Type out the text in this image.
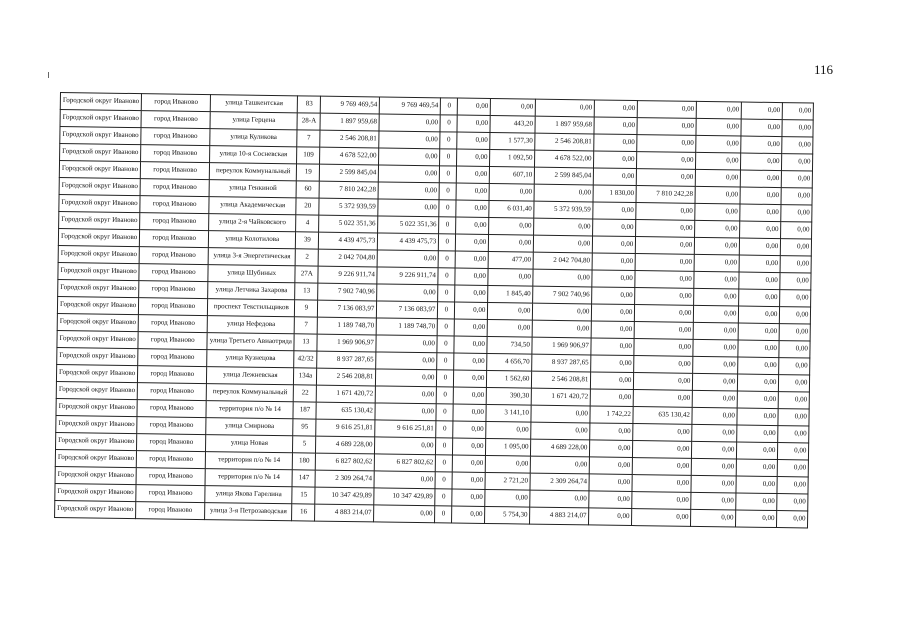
116
Городской округ Иваново	город Иваново	улица Ташкентская	83	9 769 469,54	9 769 469,54	0	0,00	0,00	0,00	0,00	0,00	0,00	0,00	0,00
Городской округ Иваново	город Иваново	улица Герцена	28-А	1 897 959,68	0,00	0	0,00	443,20	1 897 959,68	0,00	0,00	0,00	0,00	0,00
Городской округ Иваново	город Иваново	улица Куликова	7	2 546 208,81	0,00	0	0,00	1 577,30	2 546 208,81	0,00	0,00	0,00	0,00	0,00
Городской округ Иваново	город Иваново	улица 10-я Сосневская	109	4 678 522,00	0,00	0	0,00	1 092,50	4 678 522,00	0,00	0,00	0,00	0,00	0,00
Городской округ Иваново	город Иваново	переулок Коммунальный	19	2 599 845,04	0,00	0	0,00	607,10	2 599 845,04	0,00	0,00	0,00	0,00	0,00
Городской округ Иваново	город Иваново	улица Генкиной	60	7 810 242,28	0,00	0	0,00	0,00	0,00	1 830,00	7 810 242,28	0,00	0,00	0,00
Городской округ Иваново	город Иваново	улица Академическая	20	5 372 939,59	0,00	0	0,00	6 031,40	5 372 939,59	0,00	0,00	0,00	0,00	0,00
Городской округ Иваново	город Иваново	улица 2-я Чайковского	4	5 022 351,36	5 022 351,36	0	0,00	0,00	0,00	0,00	0,00	0,00	0,00	0,00
Городской округ Иваново	город Иваново	улица Колотилова	39	4 439 475,73	4 439 475,73	0	0,00	0,00	0,00	0,00	0,00	0,00	0,00	0,00
Городской округ Иваново	город Иваново	улица 3-я Энергетическая	2	2 042 704,80	0,00	0	0,00	477,00	2 042 704,80	0,00	0,00	0,00	0,00	0,00
Городской округ Иваново	город Иваново	улица Шубиных	27А	9 226 911,74	9 226 911,74	0	0,00	0,00	0,00	0,00	0,00	0,00	0,00	0,00
Городской округ Иваново	город Иваново	улица Летчика Захарова	13	7 902 740,96	0,00	0	0,00	1 845,40	7 902 740,96	0,00	0,00	0,00	0,00	0,00
Городской округ Иваново	город Иваново	проспект Текстильщиков	9	7 136 083,97	7 136 083,97	0	0,00	0,00	0,00	0,00	0,00	0,00	0,00	0,00
Городской округ Иваново	город Иваново	улица Нефедова	7	1 189 748,70	1 189 748,70	0	0,00	0,00	0,00	0,00	0,00	0,00	0,00	0,00
Городской округ Иваново	город Иваново	улица Третьего Авиаотряда	13	1 969 906,97	0,00	0	0,00	734,50	1 969 906,97	0,00	0,00	0,00	0,00	0,00
Городской округ Иваново	город Иваново	улица Кузнецова	42/32	8 937 287,65	0,00	0	0,00	4 656,70	8 937 287,65	0,00	0,00	0,00	0,00	0,00
Городской округ Иваново	город Иваново	улица Лежневская	134а	2 546 208,81	0,00	0	0,00	1 562,60	2 546 208,81	0,00	0,00	0,00	0,00	0,00
Городской округ Иваново	город Иваново	переулок Коммунальный	22	1 671 420,72	0,00	0	0,00	390,30	1 671 420,72	0,00	0,00	0,00	0,00	0,00
Городской округ Иваново	город Иваново	территория п/о № 14	187	635 130,42	0,00	0	0,00	3 141,10	0,00	1 742,22	635 130,42	0,00	0,00	0,00
Городской округ Иваново	город Иваново	улица Смирнова	95	9 616 251,81	9 616 251,81	0	0,00	0,00	0,00	0,00	0,00	0,00	0,00	0,00
Городской округ Иваново	город Иваново	улица Новая	5	4 689 228,00	0,00	0	0,00	1 095,00	4 689 228,00	0,00	0,00	0,00	0,00	0,00
Городской округ Иваново	город Иваново	территория п/о № 14	180	6 827 802,62	6 827 802,62	0	0,00	0,00	0,00	0,00	0,00	0,00	0,00	0,00
Городской округ Иваново	город Иваново	территория п/о № 14	147	2 309 264,74	0,00	0	0,00	2 721,20	2 309 264,74	0,00	0,00	0,00	0,00	0,00
Городской округ Иваново	город Иваново	улица Якова Гарелина	15	10 347 429,89	10 347 429,89	0	0,00	0,00	0,00	0,00	0,00	0,00	0,00	0,00
Городской округ Иваново	город Иваново	улица 3-я Петрозаводская	16	4 883 214,07	0,00	0	0,00	5 754,30	4 883 214,07	0,00	0,00	0,00	0,00	0,00
